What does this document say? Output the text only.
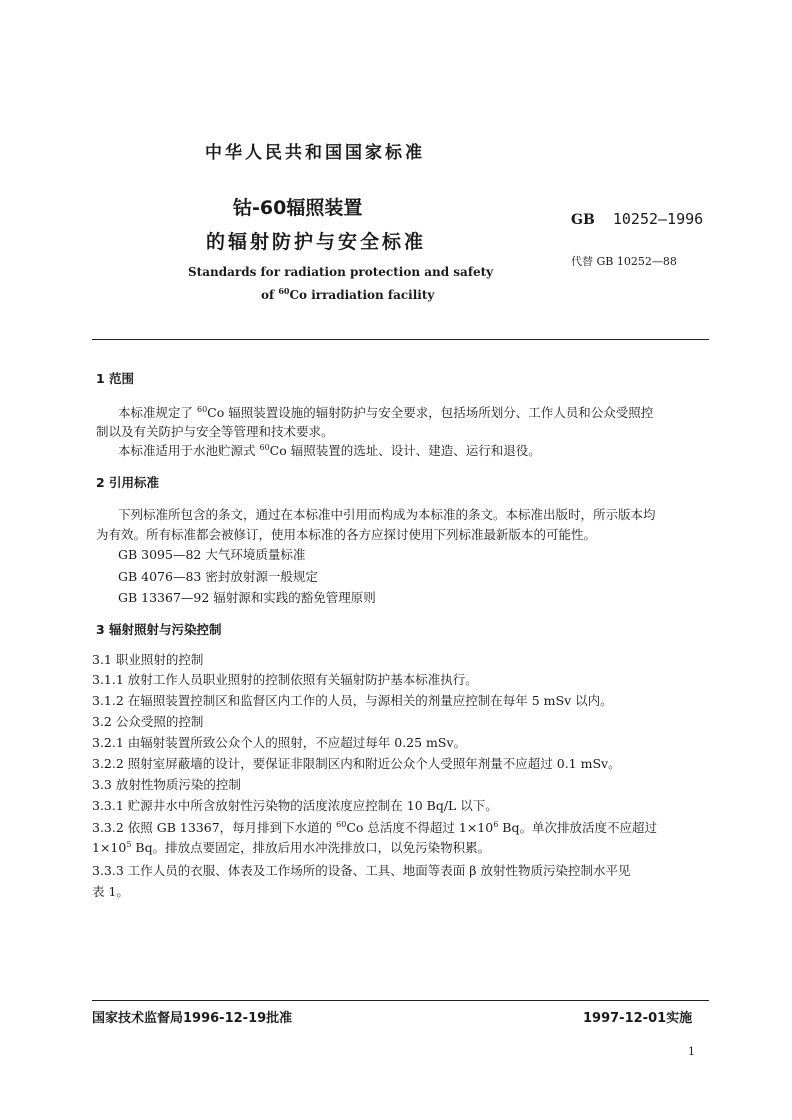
中华人民共和国国家标准
钴-60辐照装置
的辐射防护与安全标准
GB 10252—1996
代替 GB 10252—88
Standards for radiation protection and safety
of $^{60}$Co irradiation facility
1 范围
本标准规定了 $^{60}$Co 辐照装置设施的辐射防护与安全要求，包括场所划分、工作人员和公众受照控
制以及有关防护与安全等管理和技术要求。
本标准适用于水池贮源式 $^{60}$Co 辐照装置的选址、设计、建造、运行和退役。
2 引用标准
下列标准所包含的条文，通过在本标准中引用而构成为本标准的条文。本标准出版时，所示版本均
为有效。所有标准都会被修订，使用本标准的各方应探讨使用下列标准最新版本的可能性。
GB 3095—82 大气环境质量标准
GB 4076—83 密封放射源一般规定
GB 13367—92 辐射源和实践的豁免管理原则
3 辐射照射与污染控制
3.1 职业照射的控制
3.1.1 放射工作人员职业照射的控制依照有关辐射防护基本标准执行。
3.1.2 在辐照装置控制区和监督区内工作的人员，与源相关的剂量应控制在每年 5 mSv 以内。
3.2 公众受照的控制
3.2.1 由辐射装置所致公众个人的照射，不应超过每年 0.25 mSv。
3.2.2 照射室屏蔽墙的设计，要保证非限制区内和附近公众个人受照年剂量不应超过 0.1 mSv。
3.3 放射性物质污染的控制
3.3.1 贮源井水中所含放射性污染物的活度浓度应控制在 10 Bq/L 以下。
3.3.2 依照 GB 13367，每月排到下水道的 $^{60}$Co 总活度不得超过 $1\times 10^6$ Bq。单次排放活度不应超过
$1\times 10^5$ Bq。排放点要固定，排放后用水冲洗排放口，以免污染物积累。
3.3.3 工作人员的衣服、体表及工作场所的设备、工具、地面等表面 β 放射性物质污染控制水平见
表 1。
国家技术监督局1996-12-19批准	1997-12-01实施
1
